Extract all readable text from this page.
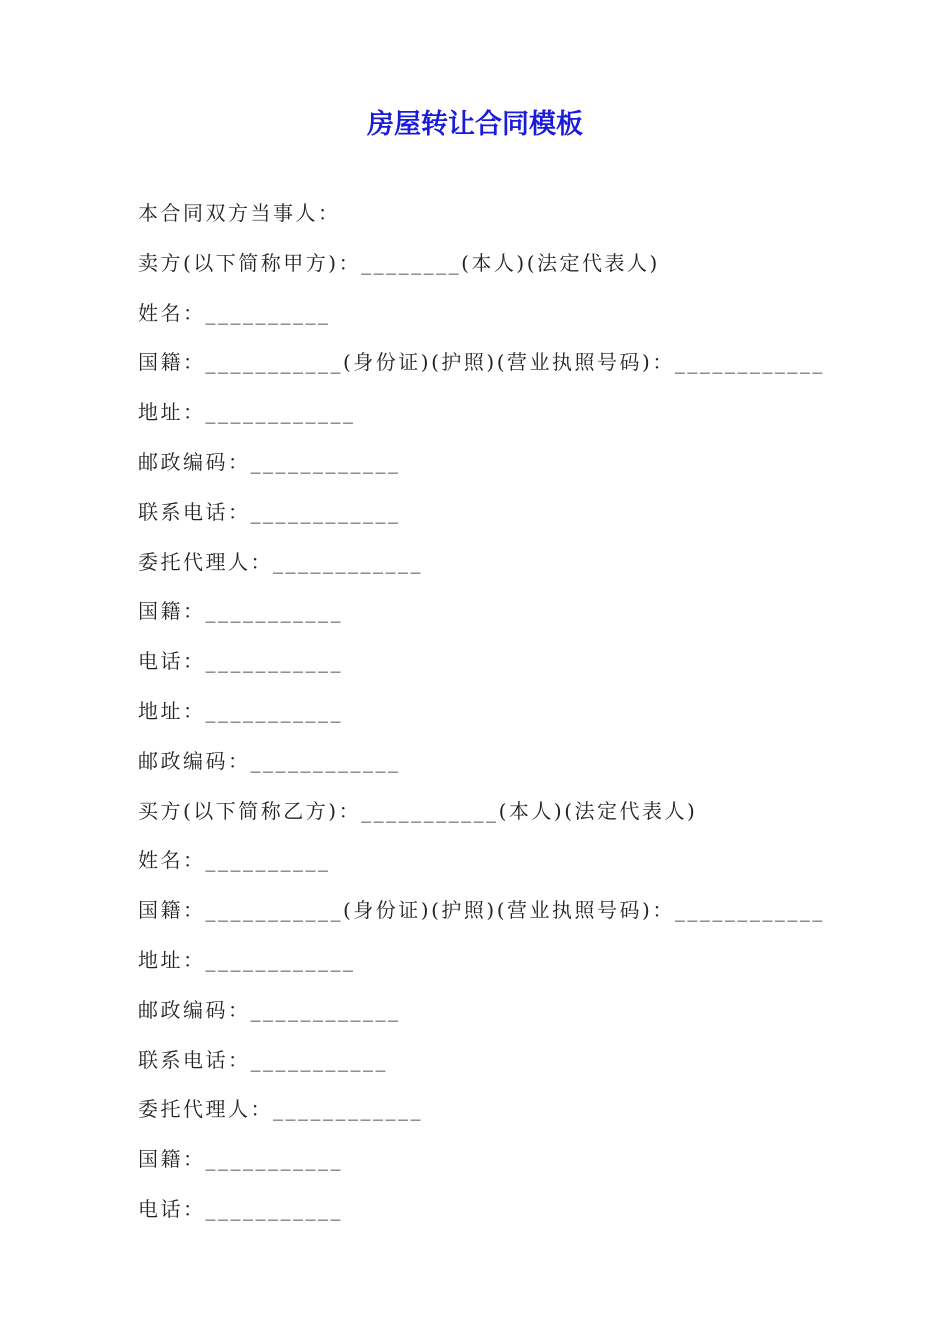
房屋转让合同模板
本合同双方当事人：
卖方(以下简称甲方)：________(本人)(法定代表人)
姓名：__________
国籍：___________(身份证)(护照)(营业执照号码)：____________
地址：____________
邮政编码：____________
联系电话：____________
委托代理人：____________
国籍：___________
电话：___________
地址：___________
邮政编码：____________
买方(以下简称乙方)：___________(本人)(法定代表人)
姓名：__________
国籍：___________(身份证)(护照)(营业执照号码)：____________
地址：____________
邮政编码：____________
联系电话：___________
委托代理人：____________
国籍：___________
电话：___________
